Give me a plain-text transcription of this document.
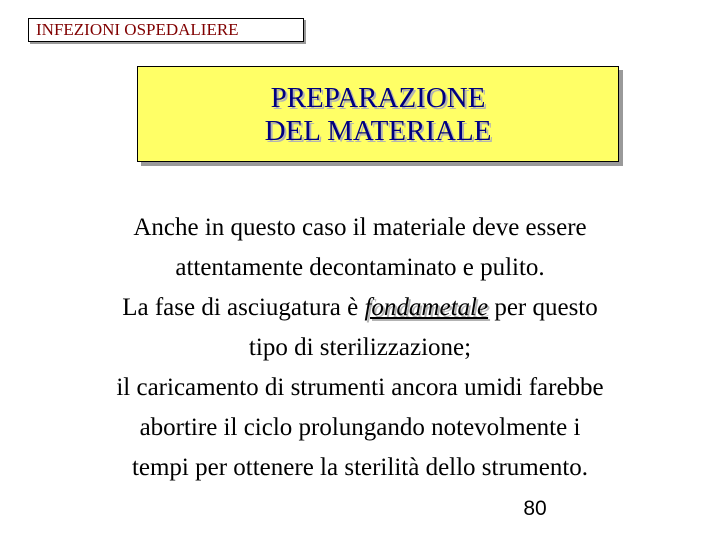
INFEZIONI OSPEDALIERE
PREPARAZIONE
DEL MATERIALE

Anche in questo caso il materiale deve essere

attentamente decontaminato e pulito.

La fase di asciugatura è fondametale per questo

tipo di sterilizzazione;

il caricamento di strumenti ancora umidi farebbe

abortire il ciclo prolungando notevolmente i

tempi per ottenere la sterilità dello strumento.

80
